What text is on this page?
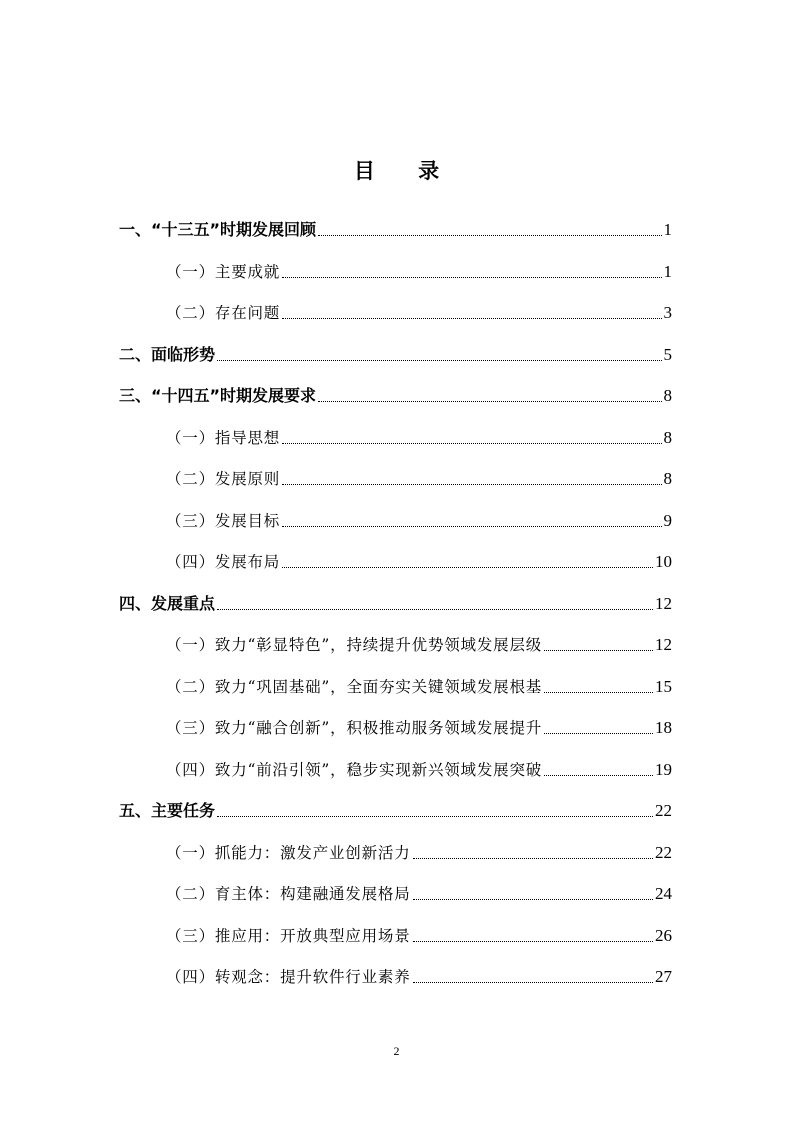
目 录
一、“十三五”时期发展回顾	1
（一）主要成就	1
（二）存在问题	3
二、面临形势	5
三、“十四五”时期发展要求	8
（一）指导思想	8
（二）发展原则	8
（三）发展目标	9
（四）发展布局	10
四、发展重点	12
（一）致力“彰显特色”，持续提升优势领域发展层级	12
（二）致力“巩固基础”，全面夯实关键领域发展根基	15
（三）致力“融合创新”，积极推动服务领域发展提升	18
（四）致力“前沿引领”，稳步实现新兴领域发展突破	19
五、主要任务	22
（一）抓能力：激发产业创新活力	22
（二）育主体：构建融通发展格局	24
（三）推应用：开放典型应用场景	26
（四）转观念：提升软件行业素养	27
2
